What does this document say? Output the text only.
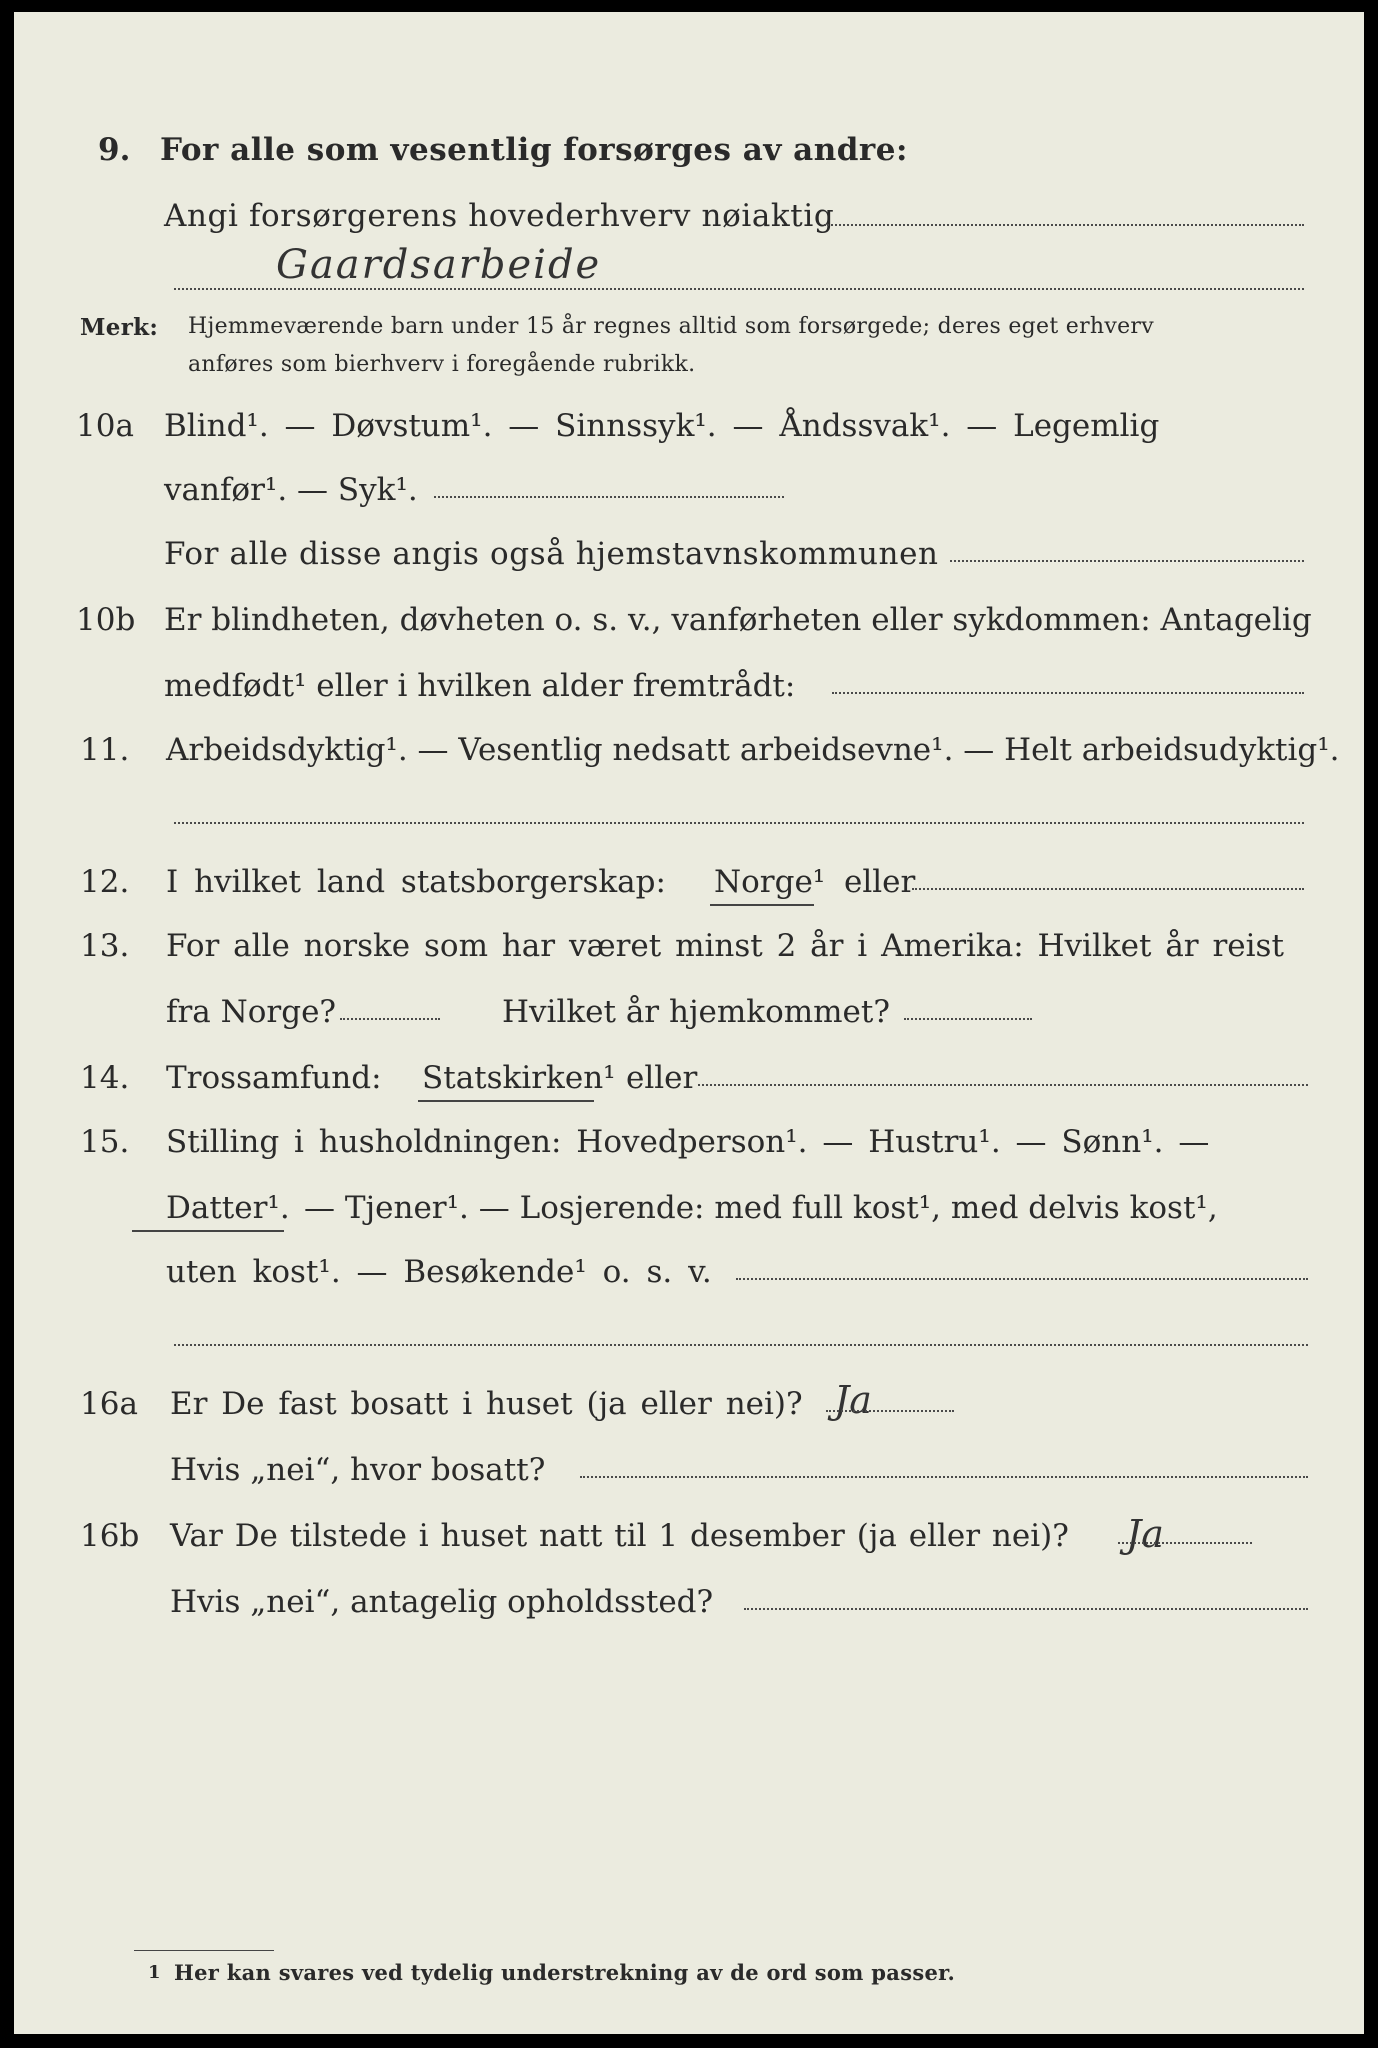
9. For alle som vesentlig forsørges av andre:
Angi forsørgerens hovederhverv nøiaktig
Gaardsarbeide
Merk: Hjemmeværende barn under 15 år regnes alltid som forsørgede; deres eget erhverv
anføres som bierhverv i foregående rubrikk.
10a Blind¹. — Døvstum¹. — Sinnssyk¹. — Åndssvak¹. — Legemlig
vanfør¹. — Syk¹.
For alle disse angis også hjemstavnskommunen
10b Er blindheten, døvheten o. s. v., vanførheten eller sykdommen: Antagelig
medfødt¹ eller i hvilken alder fremtrådt:
11. Arbeidsdyktig¹. — Vesentlig nedsatt arbeidsevne¹. — Helt arbeidsudyktig¹.
12. I hvilket land statsborgerskap: Norge¹ eller
13. For alle norske som har været minst 2 år i Amerika: Hvilket år reist
fra Norge?	Hvilket år hjemkommet?
14. Trossamfund: Statskirken¹ eller
15. Stilling i husholdningen: Hovedperson¹. — Hustru¹. — Sønn¹. —
Datter¹. — Tjener¹. — Losjerende: med full kost¹, med delvis kost¹,
uten kost¹. — Besøkende¹ o. s. v.
16a Er De fast bosatt i huset (ja eller nei)? Ja
Hvis „nei“, hvor bosatt?
16b Var De tilstede i huset natt til 1 desember (ja eller nei)? Ja
Hvis „nei“, antagelig opholdssted?
1 Her kan svares ved tydelig understrekning av de ord som passer.
